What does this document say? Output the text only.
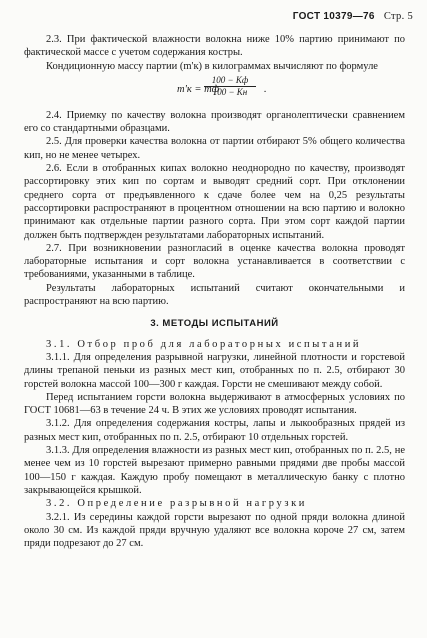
ГОСТ 10379—76 Стр. 5

2.3. При фактической влажности волокна ниже 10% партию принимают по фактической массе с учетом содержания костры.

Кондиционную массу партии (m'к) в килограммах вычисляют по формуле

m'к = mф
100 − Kф
100 − Kн	.

2.4. Приемку по качеству волокна производят органолептически сравнением его со стандартными образцами.

2.5. Для проверки качества волокна от партии отбирают 5% общего количества кип, но не менее четырех.

2.6. Если в отобранных кипах волокно неоднородно по качеству, производят рассортировку этих кип по сортам и выводят средний сорт. При отклонении среднего сорта от предъявленного к сдаче более чем на 0,25 результаты рассортировки распространяют в процентном отношении на всю партию и волокно принимают как отдельные партии разного сорта. При этом сорт каждой партии должен быть подтвержден результатами лабораторных испытаний.

2.7. При возникновении разногласий в оценке качества волокна проводят лабораторные испытания и сорт волокна устанавливается в соответствии с требованиями, указанными в таблице.

Результаты лабораторных испытаний считают окончательными и распространяют на всю партию.

3. МЕТОДЫ ИСПЫТАНИЙ

3.1. Отбор проб для лабораторных испытаний

3.1.1. Для определения разрывной нагрузки, линейной плотности и горстевой длины трепаной пеньки из разных мест кип, отобранных по п. 2.5, отбирают 30 горстей волокна массой 100—300 г каждая. Горсти не смешивают между собой.

Перед испытанием горсти волокна выдерживают в атмосферных условиях по ГОСТ 10681—63 в течение 24 ч. В этих же условиях проводят испытания.

3.1.2. Для определения содержания костры, лапы и лыкообразных прядей из разных мест кип, отобранных по п. 2.5, отбирают 10 отдельных горстей.

3.1.3. Для определения влажности из разных мест кип, отобранных по п. 2.5, не менее чем из 10 горстей вырезают примерно равными прядями две пробы массой 100—150 г каждая. Каждую пробу помещают в металлическую банку с плотно закрывающейся крышкой.

3.2. Определение разрывной нагрузки

3.2.1. Из середины каждой горсти вырезают по одной пряди волокна длиной около 30 см. Из каждой пряди вручную удаляют все волокна короче 27 см, затем пряди подрезают до 27 см.
